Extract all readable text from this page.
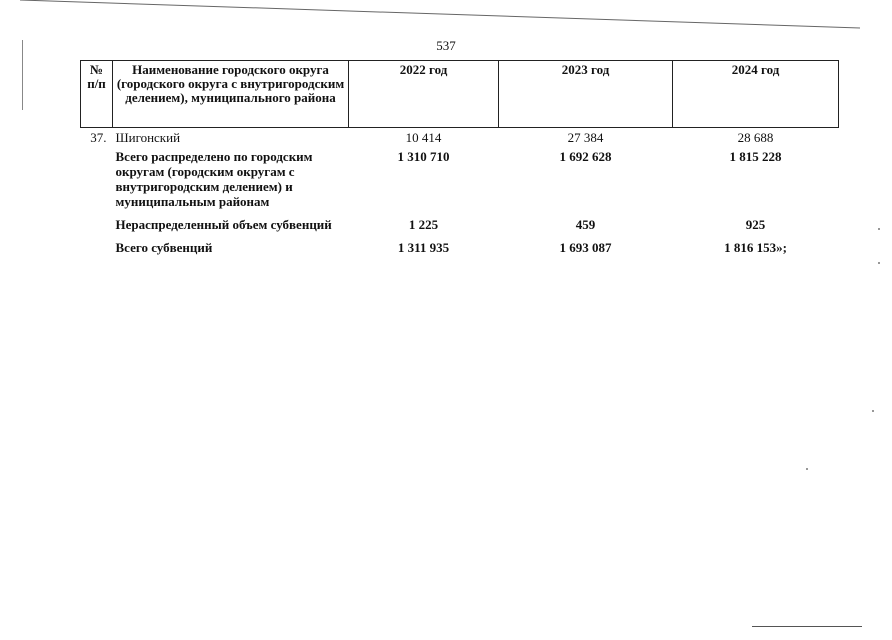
537
№ п/п	Наименование городского округа (городского округа с внутригородским делением), муниципального района	2022 год	2023 год	2024 год
37.	Шигонский	10 414	27 384	28 688
	Всего распределено по городским округам (городским округам с внутригородским делением) и муниципальным районам	1 310 710	1 692 628	1 815 228
	Нераспределенный объем субвенций	1 225	459	925
	Всего субвенций	1 311 935	1 693 087	1 816 153»;
